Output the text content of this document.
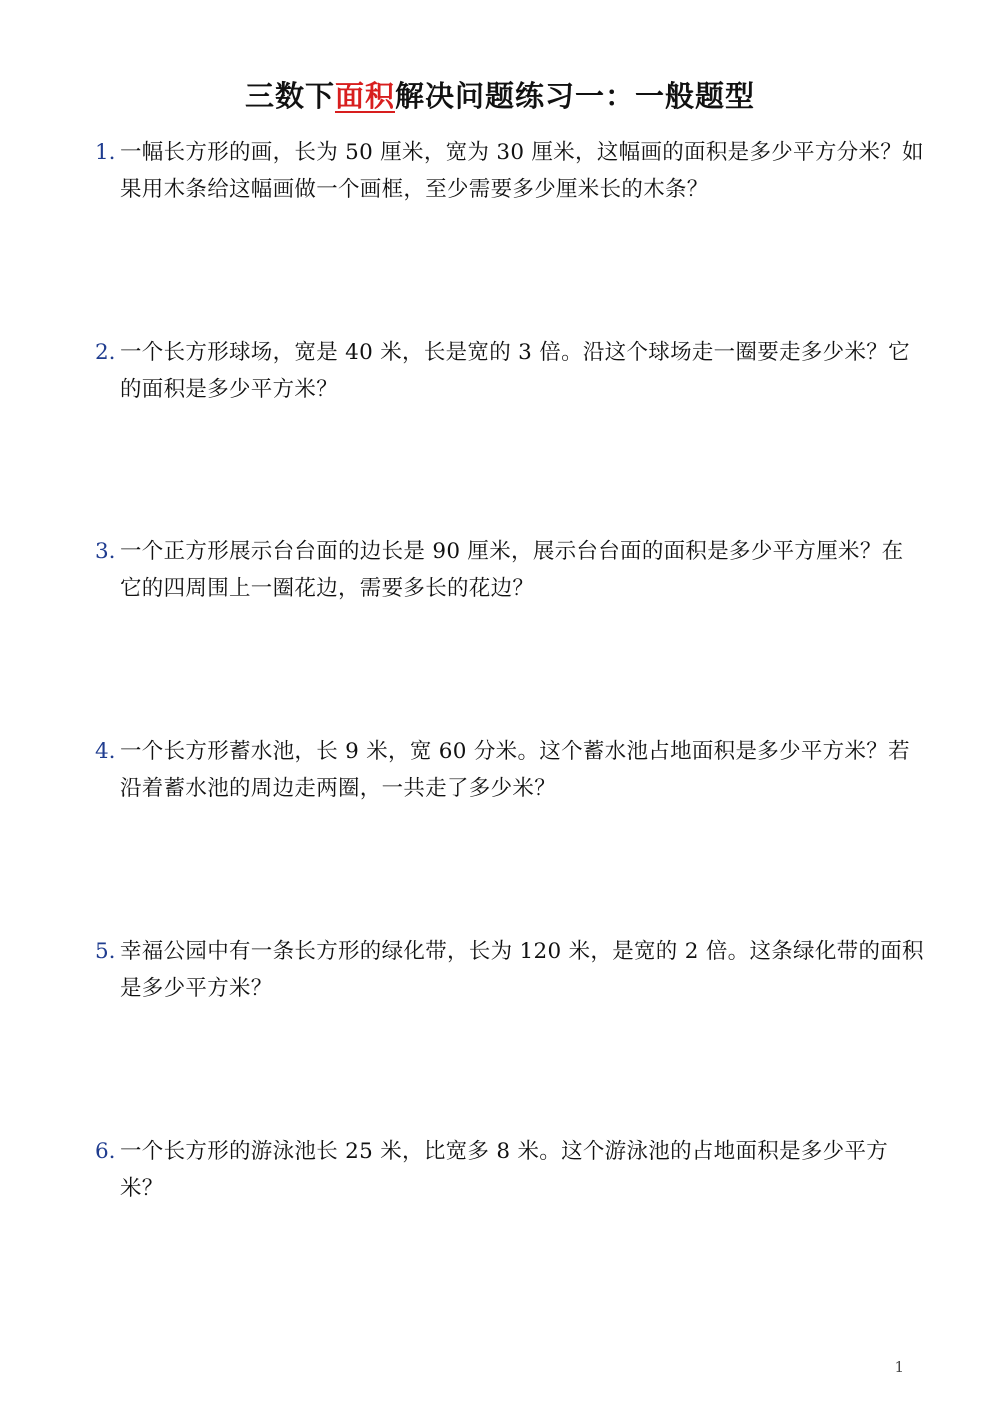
三数下面积解决问题练习一：一般题型
1. 一幅长方形的画，长为 50 厘米，宽为 30 厘米，这幅画的面积是多少平方分米？如果用木条给这幅画做一个画框，至少需要多少厘米长的木条？
2. 一个长方形球场，宽是 40 米，长是宽的 3 倍。沿这个球场走一圈要走多少米？它的面积是多少平方米？
3. 一个正方形展示台台面的边长是 90 厘米，展示台台面的面积是多少平方厘米？在它的四周围上一圈花边，需要多长的花边？
4. 一个长方形蓄水池，长 9 米，宽 60 分米。这个蓄水池占地面积是多少平方米？若沿着蓄水池的周边走两圈，一共走了多少米？
5. 幸福公园中有一条长方形的绿化带，长为 120 米，是宽的 2 倍。这条绿化带的面积是多少平方米？
6. 一个长方形的游泳池长 25 米，比宽多 8 米。这个游泳池的占地面积是多少平方米？
1
